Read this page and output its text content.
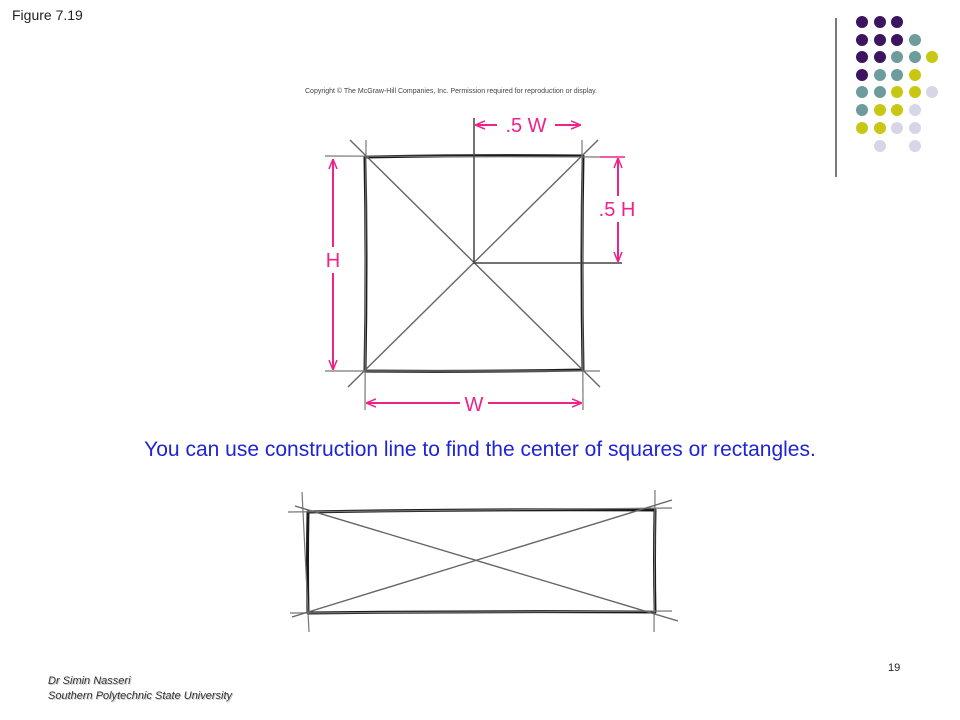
Figure 7.19
Copyright © The McGraw-Hill Companies, Inc. Permission required for reproduction or display.
.5 W
.5 H
H
W
You can use construction line to find the center of squares or rectangles.
19
Dr Simin Nasseri
Southern Polytechnic State University
